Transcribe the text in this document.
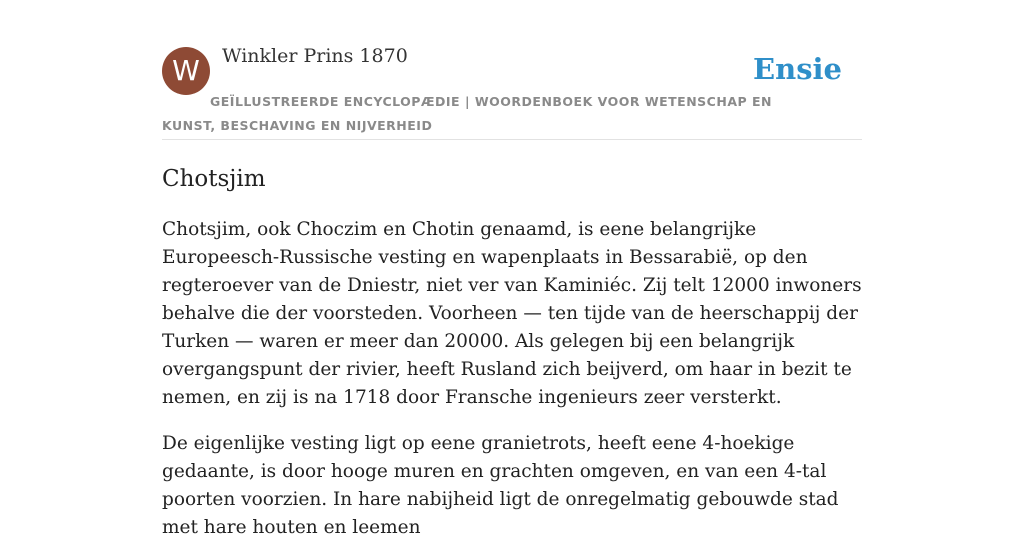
W	Winkler Prins 1870	Ensie
GEÏLLUSTREERDE ENCYCLOPÆDIE | WOORDENBOEK VOOR WETENSCHAP EN KUNST, BESCHAVING EN NIJVERHEID
Chotsjim

Chotsjim, ook Choczim en Chotin genaamd, is eene belangrijke Europeesch-Russische vesting en wapenplaats in Bessarabië, op den regteroever van de Dniestr, niet ver van Kaminiéc. Zij telt 12000 inwoners behalve die der voorsteden. Voorheen — ten tijde van de heerschappij der Turken — waren er meer dan 20000. Als gelegen bij een belangrijk overgangspunt der rivier, heeft Rusland zich beijverd, om haar in bezit te nemen, en zij is na 1718 door Fransche ingenieurs zeer versterkt.

De eigenlijke vesting ligt op eene granietrots, heeft eene 4-hoekige gedaante, is door hooge muren en grachten omgeven, en van een 4-tal poorten voorzien. In hare nabijheid ligt de onregelmatig gebouwde stad met hare houten en leemen
